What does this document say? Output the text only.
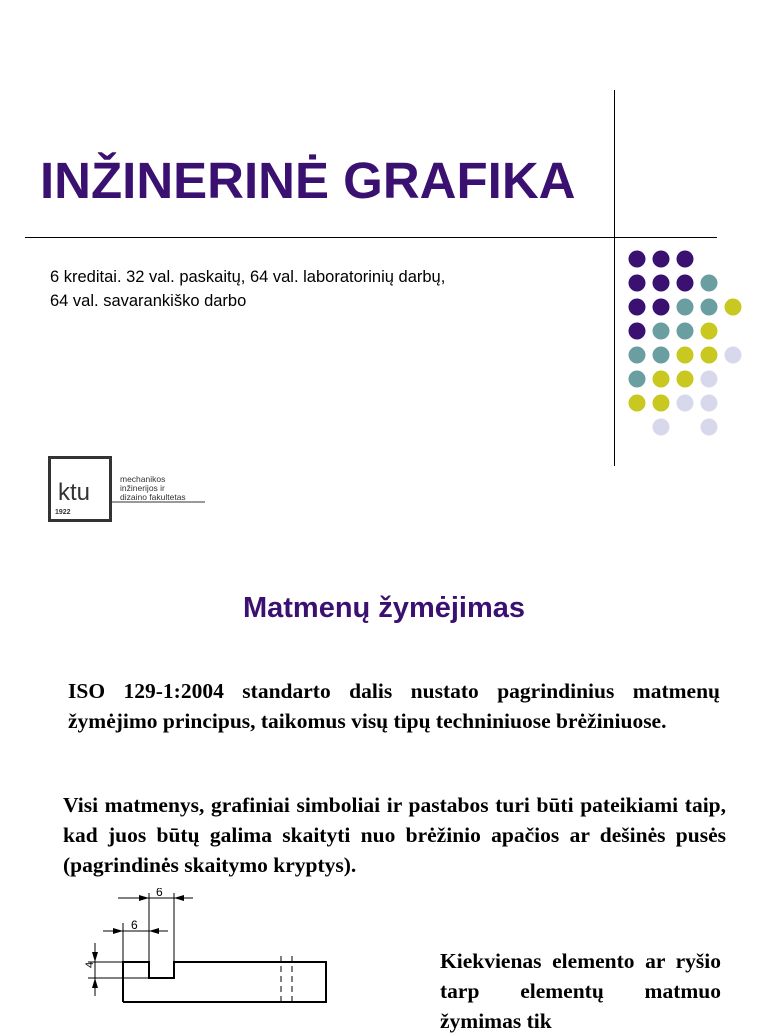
INŽINERINĖ GRAFIKA
6 kreditai. 32 val. paskaitų, 64 val. laboratorinių darbų,
64 val. savarankiško darbo
ktu
1922
mechanikos
inžinerijos ir
dizaino fakultetas
Matmenų žymėjimas
ISO 129-1:2004 standarto dalis nustato pagrindinius matmenų žymėjimo principus, taikomus visų tipų techniniuose brėžiniuose.
Visi matmenys, grafiniai simboliai ir pastabos turi būti pateikiami taip, kad juos būtų galima skaityti nuo brėžinio apačios ar dešinės pusės (pagrindinės skaitymo kryptys).
6
6
4	Kiekvienas elemento ar ryšio tarp elementų matmuo žymimas tik
